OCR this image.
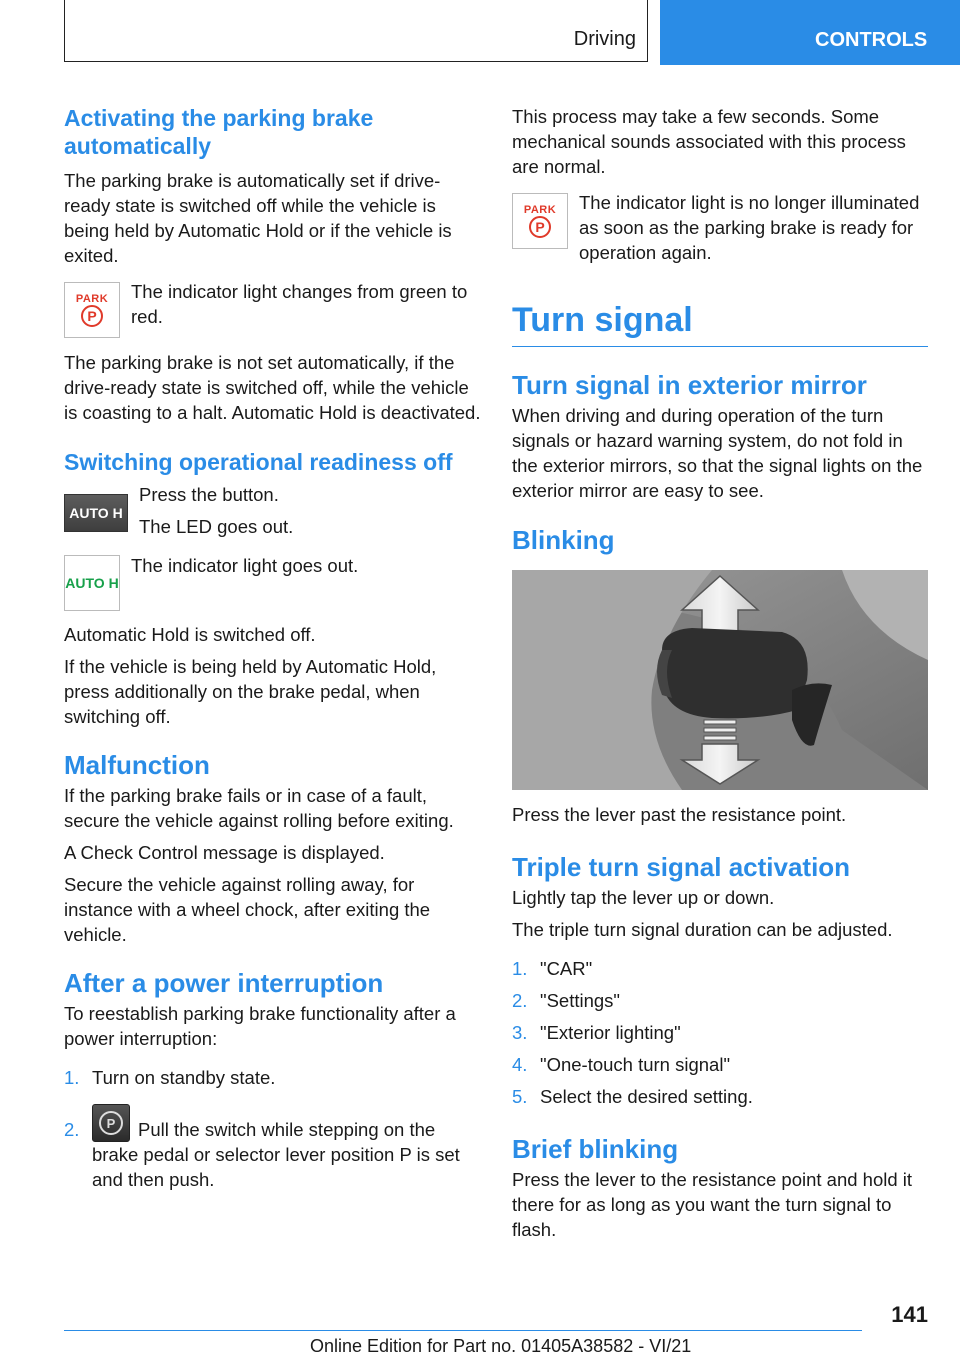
Driving	CONTROLS
Activating the parking brake automatically

The parking brake is automatically set if drive-ready state is switched off while the vehicle is being held by Automatic Hold or if the vehicle is exited.

PARK
P

The indicator light changes from green to red.

The parking brake is not set automatically, if the drive-ready state is switched off, while the vehicle is coasting to a halt. Automatic Hold is deactivated.

Switching operational readiness off
AUTO H

Press the button.

The LED goes out.

AUTO H

The indicator light goes out.

Automatic Hold is switched off.

If the vehicle is being held by Automatic Hold, press additionally on the brake pedal, when switching off.

Malfunction

If the parking brake fails or in case of a fault, secure the vehicle against rolling before exiting.

A Check Control message is displayed.

Secure the vehicle against rolling away, for instance with a wheel chock, after exiting the vehicle.

After a power interruption

To reestablish parking brake functionality after a power interruption:

1. Turn on standby state.
2.	P	Pull the switch while stepping on the brake pedal or selector lever position P is set and then push.

This process may take a few seconds. Some mechanical sounds associated with this process are normal.

PARK
P

The indicator light is no longer illuminated as soon as the parking brake is ready for operation again.

Turn signal
Turn signal in exterior mirror

When driving and during operation of the turn signals or hazard warning system, do not fold in the exterior mirrors, so that the signal lights on the exterior mirror are easy to see.

Blinking

Press the lever past the resistance point.

Triple turn signal activation

Lightly tap the lever up or down.

The triple turn signal duration can be adjusted.

1. "CAR"
2. "Settings"
3. "Exterior lighting"
4. "One-touch turn signal"
5. Select the desired setting.
Brief blinking

Press the lever to the resistance point and hold it there for as long as you want the turn signal to flash.

141
Online Edition for Part no. 01405A38582 - VI/21
